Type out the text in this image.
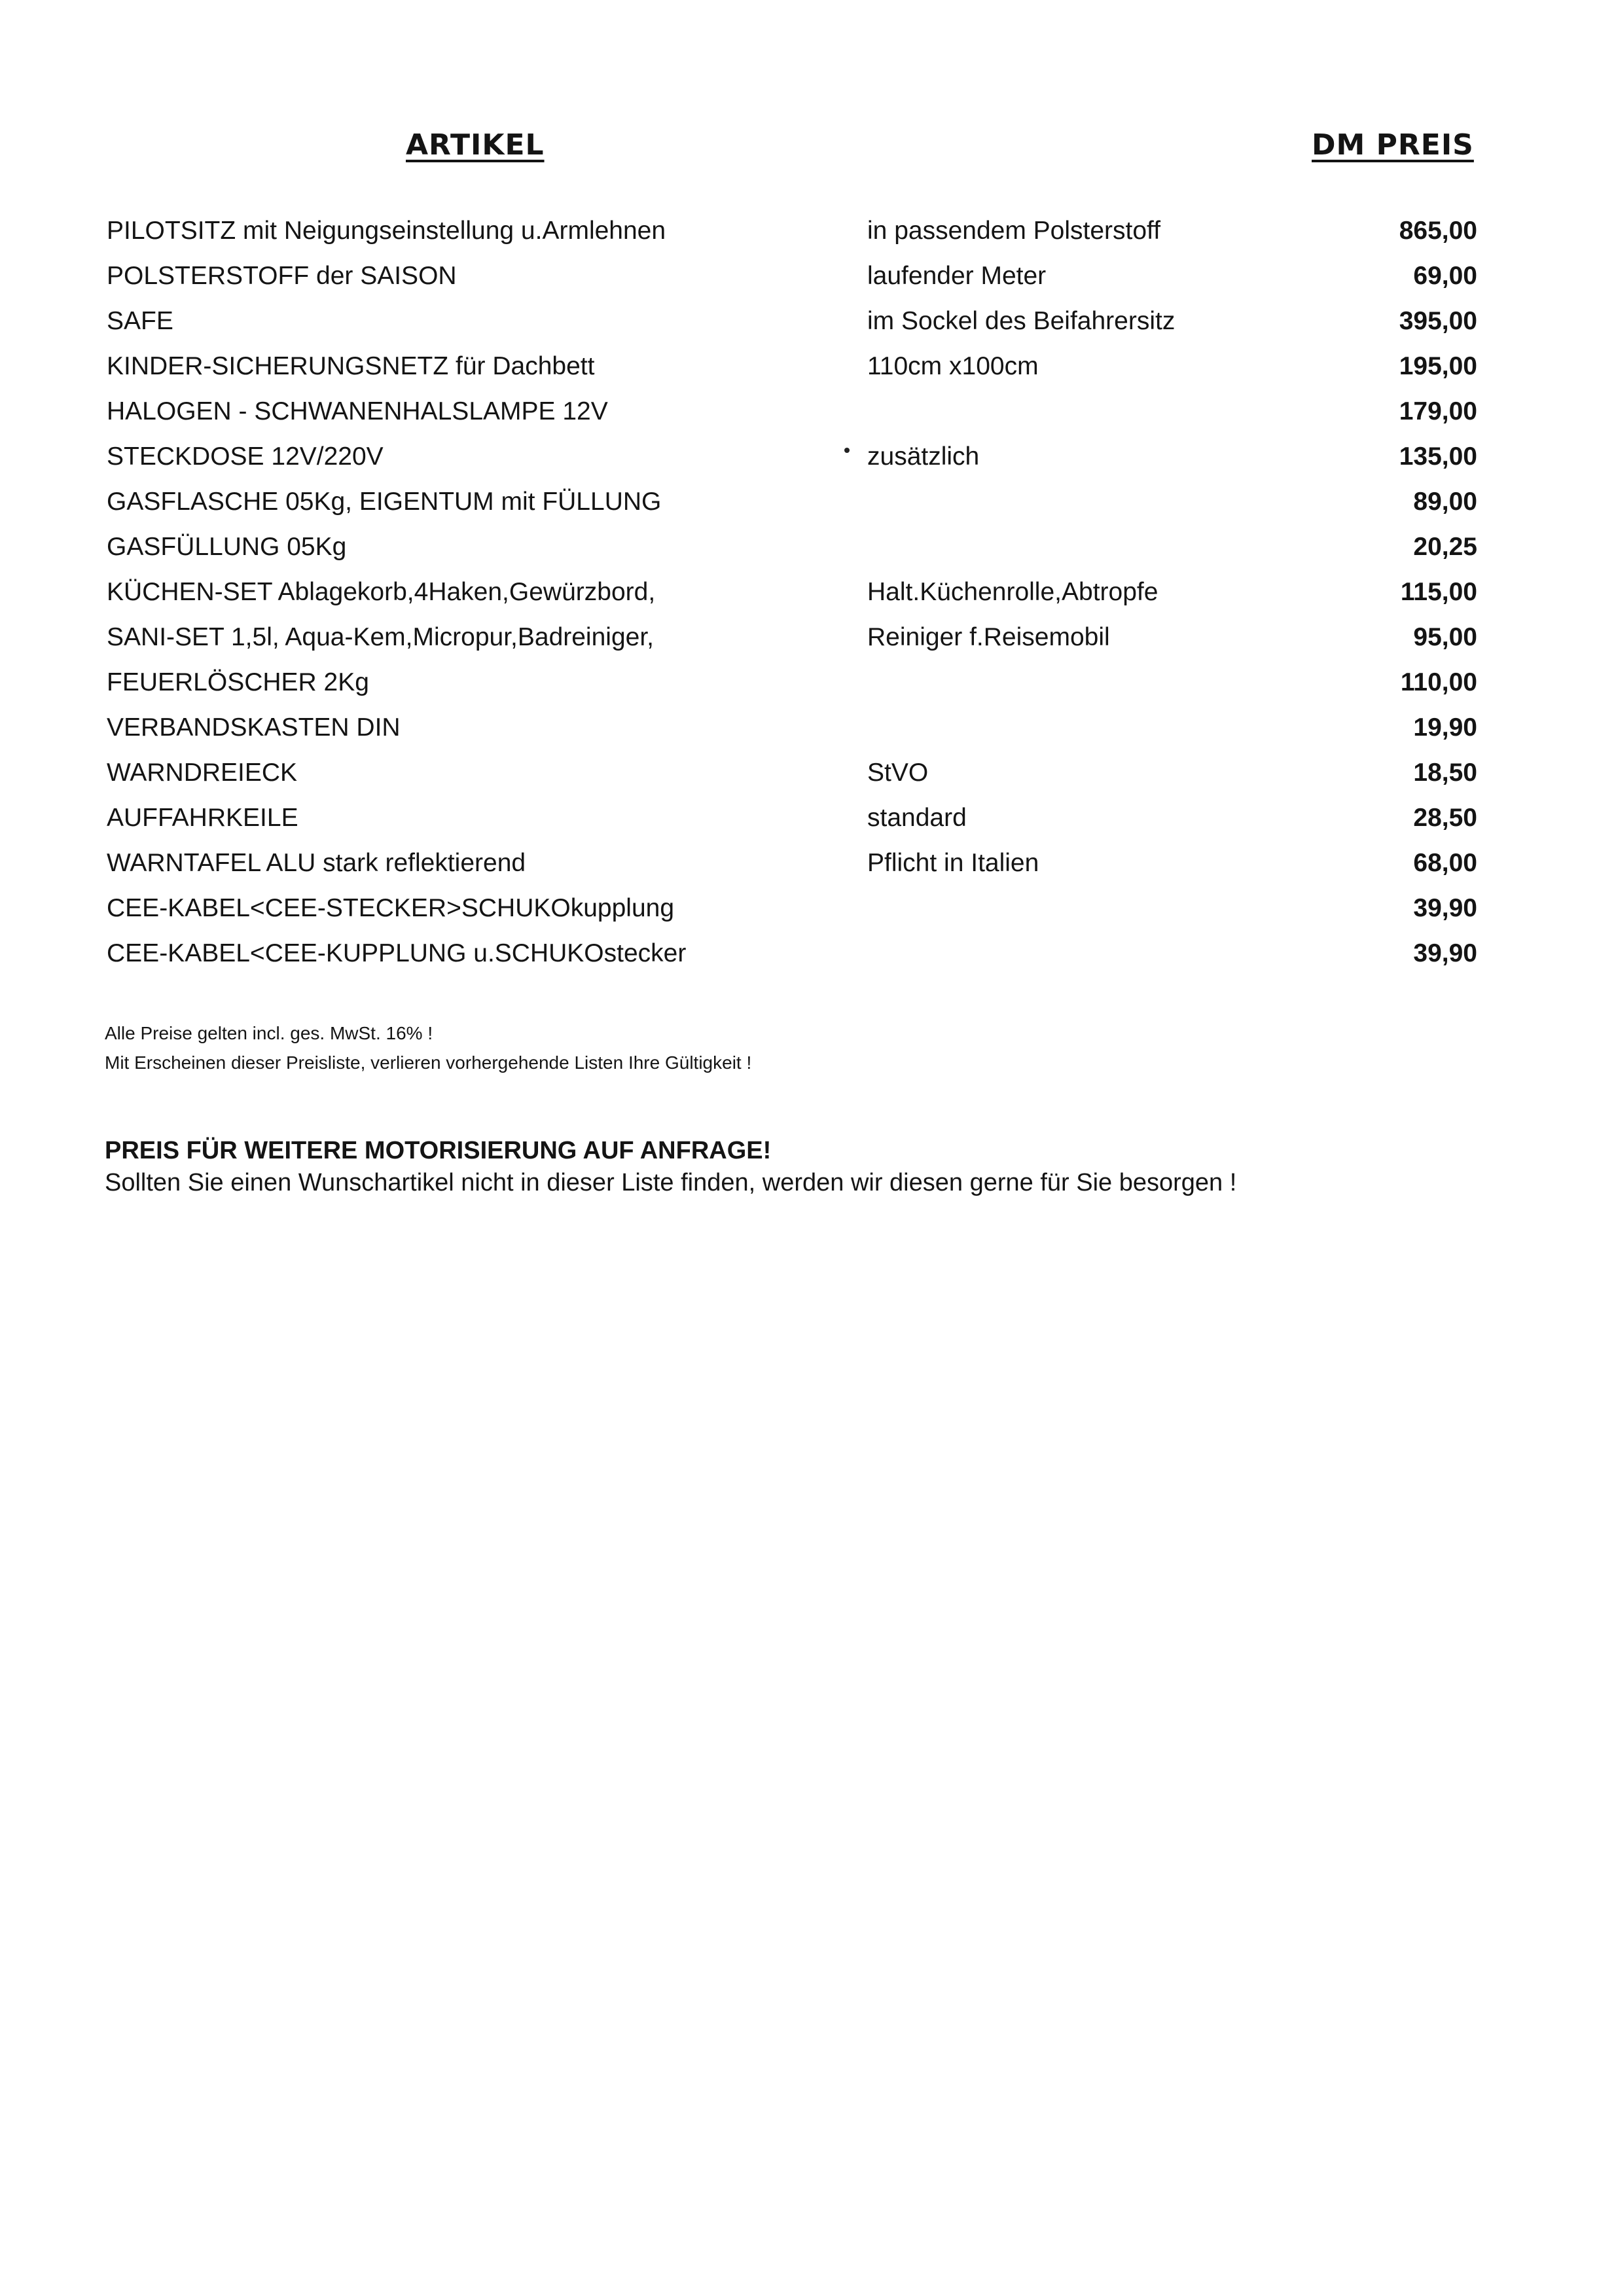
ARTIKEL	DM PREIS
PILOTSITZ mit Neigungseinstellung u.Armlehnen	in passendem Polsterstoff	865,00
POLSTERSTOFF der SAISON	laufender Meter	69,00
SAFE	im Sockel des Beifahrersitz	395,00
KINDER-SICHERUNGSNETZ für Dachbett	110cm x100cm	195,00
HALOGEN - SCHWANENHALSLAMPE 12V	179,00
STECKDOSE 12V/220V	zusätzlich	135,00
GASFLASCHE 05Kg, EIGENTUM mit FÜLLUNG	89,00
GASFÜLLUNG 05Kg	20,25
KÜCHEN-SET Ablagekorb,4Haken,Gewürzbord,	Halt.Küchenrolle,Abtropfe	115,00
SANI-SET 1,5l, Aqua-Kem,Micropur,Badreiniger,	Reiniger f.Reisemobil	95,00
FEUERLÖSCHER 2Kg	110,00
VERBANDSKASTEN DIN	19,90
WARNDREIECK	StVO	18,50
AUFFAHRKEILE	standard	28,50
WARNTAFEL ALU stark reflektierend	Pflicht in Italien	68,00
CEE-KABEL<CEE-STECKER>SCHUKOkupplung	39,90
CEE-KABEL<CEE-KUPPLUNG u.SCHUKOstecker	39,90
Alle Preise gelten incl. ges. MwSt. 16% !
Mit Erscheinen dieser Preisliste, verlieren vorhergehende Listen Ihre Gültigkeit !
PREIS FÜR WEITERE MOTORISIERUNG AUF ANFRAGE!
Sollten Sie einen Wunschartikel nicht in dieser Liste finden, werden wir diesen gerne für Sie besorgen !
